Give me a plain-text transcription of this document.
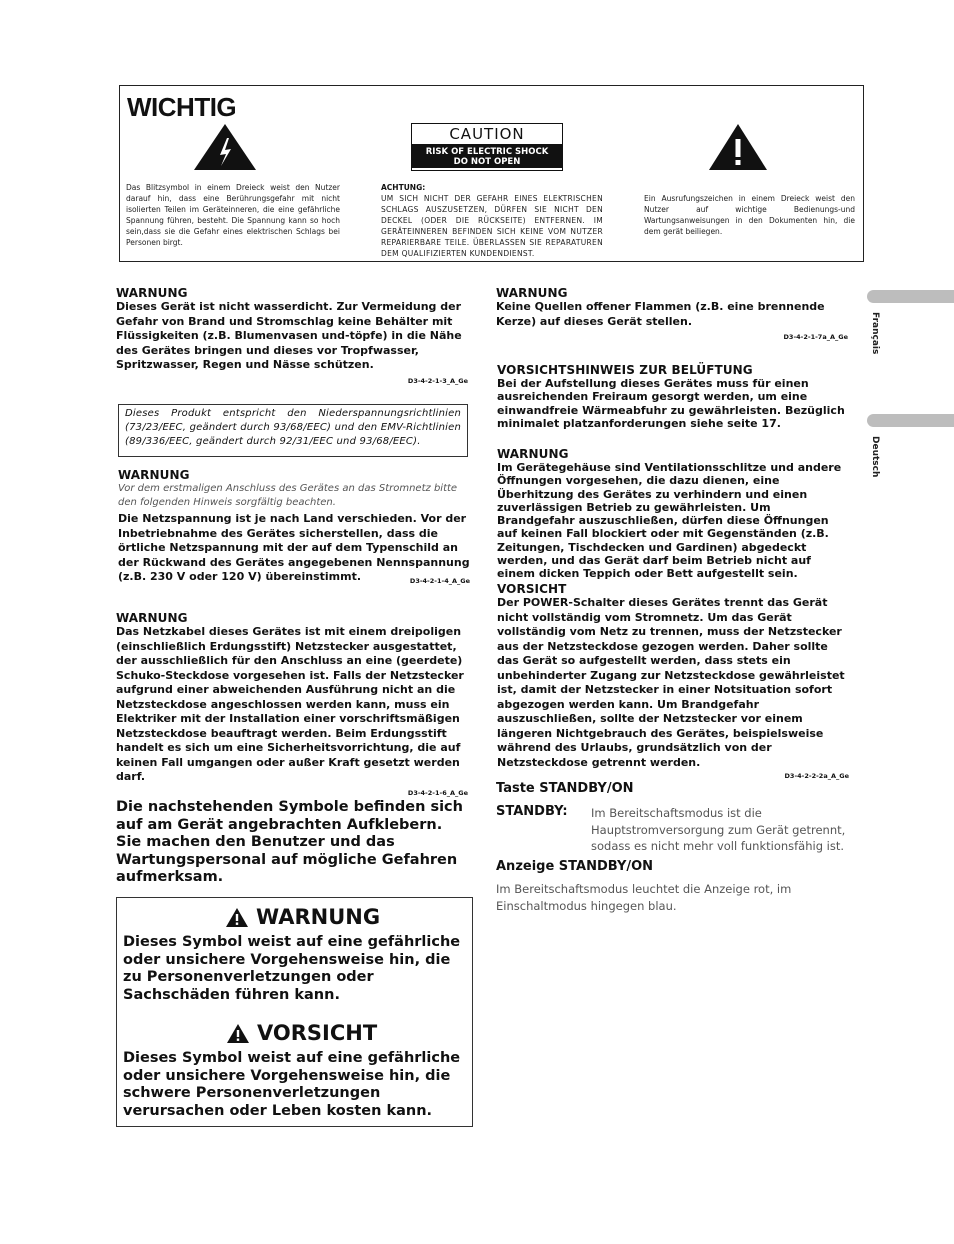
WICHTIG
CAUTION
RISK OF ELECTRIC SHOCK
DO NOT OPEN
Das Blitzsymbol in einem Dreieck weist den Nutzer darauf hin, dass eine Berührungsgefahr mit nicht isolierten Teilen im Geräteinneren, die eine gefährliche Spannung führen, besteht. Die Spannung kann so hoch sein,dass sie die Gefahr eines elektrischen Schlags bei Personen birgt.
ACHTUNG:
UM SICH NICHT DER GEFAHR EINES ELEKTRISCHEN SCHLAGS AUSZUSETZEN, DÜRFEN SIE NICHT DEN DECKEL (ODER DIE RÜCKSEITE) ENTFERNEN. IM GERÄTEINNEREN BEFINDEN SICH KEINE VOM NUTZER REPARIERBARE TEILE. ÜBERLASSEN SIE REPARATUREN DEM QUALIFIZIERTEN KUNDENDIENST.
Ein Ausrufungszeichen in einem Dreieck weist den Nutzer auf wichtige Bedienungs-und Wartungsanweisungen in den Dokumenten hin, die dem gerät beiliegen.
WARNUNG
Dieses Gerät ist nicht wasserdicht. Zur Vermeidung der Gefahr von Brand und Stromschlag keine Behälter mit Flüssigkeiten (z.B. Blumenvasen und-töpfe) in die Nähe des Gerätes bringen und dieses vor Tropfwasser, Spritzwasser, Regen und Nässe schützen.
D3-4-2-1-3_A_Ge
Dieses Produkt entspricht den Niederspannungsrichtlinien (73/23/EEC, geändert durch 93/68/EEC) und den EMV-Richtlinien (89/336/EEC, geändert durch 92/31/EEC und 93/68/EEC).
WARNUNG
Vor dem erstmaligen Anschluss des Gerätes an das Stromnetz bitte den folgenden Hinweis sorgfältig beachten.
Die Netzspannung ist je nach Land verschieden. Vor der Inbetriebnahme des Gerätes sicherstellen, dass die örtliche Netzspannung mit der auf dem Typenschild an der Rückwand des Gerätes angegebenen Nennspannung (z.B. 230 V oder 120 V) übereinstimmt.	D3-4-2-1-4_A_Ge
WARNUNG
Das Netzkabel dieses Gerätes ist mit einem dreipoligen (einschließlich Erdungsstift) Netzstecker ausgestattet, der ausschließlich für den Anschluss an eine (geerdete) Schuko-Steckdose vorgesehen ist. Falls der Netzstecker aufgrund einer abweichenden Ausführung nicht an die Netzsteckdose angeschlossen werden kann, muss ein Elektriker mit der Installation einer vorschriftsmäßigen Netzsteckdose beauftragt werden. Beim Erdungsstift handelt es sich um eine Sicherheitsvorrichtung, die auf keinen Fall umgangen oder außer Kraft gesetzt werden darf.
D3-4-2-1-6_A_Ge
Die nachstehenden Symbole befinden sich auf am Gerät angebrachten Aufklebern. Sie machen den Benutzer und das Wartungspersonal auf mögliche Gefahren aufmerksam.
WARNUNG
Dieses Symbol weist auf eine gefährliche oder unsichere Vorgehensweise hin, die zu Personenverletzungen oder Sachschäden führen kann.
VORSICHT
Dieses Symbol weist auf eine gefährliche oder unsichere Vorgehensweise hin, die schwere Personenverletzungen verursachen oder Leben kosten kann.
WARNUNG
Keine Quellen offener Flammen (z.B. eine brennende Kerze) auf dieses Gerät stellen.
D3-4-2-1-7a_A_Ge
VORSICHTSHINWEIS ZUR BELÜFTUNG
Bei der Aufstellung dieses Gerätes muss für einen ausreichenden Freiraum gesorgt werden, um eine einwandfreie Wärmeabfuhr zu gewährleisten. Bezüglich minimalet platzanforderungen siehe seite 17.
WARNUNG
Im Gerätegehäuse sind Ventilationsschlitze und andere Öffnungen vorgesehen, die dazu dienen, eine Überhitzung des Gerätes zu verhindern und einen zuverlässigen Betrieb zu gewährleisten. Um Brandgefahr auszuschließen, dürfen diese Öffnungen auf keinen Fall blockiert oder mit Gegenständen (z.B. Zeitungen, Tischdecken und Gardinen) abgedeckt werden, und das Gerät darf beim Betrieb nicht auf einem dicken Teppich oder Bett aufgestellt sein.
VORSICHT
Der POWER-Schalter dieses Gerätes trennt das Gerät nicht vollständig vom Stromnetz. Um das Gerät vollständig vom Netz zu trennen, muss der Netzstecker aus der Netzsteckdose gezogen werden. Daher sollte das Gerät so aufgestellt werden, dass stets ein unbehinderter Zugang zur Netzsteckdose gewährleistet ist, damit der Netzstecker in einer Notsituation sofort abgezogen werden kann. Um Brandgefahr auszuschließen, sollte der Netzstecker vor einem längeren Nichtgebrauch des Gerätes, beispielsweise während des Urlaubs, grundsätzlich von der Netzsteckdose getrennt werden.
D3-4-2-2-2a_A_Ge
Taste STANDBY/ON
STANDBY: Im Bereitschaftsmodus ist die Hauptstromversorgung zum Gerät getrennt, sodass es nicht mehr voll funktionsfähig ist.
Anzeige STANDBY/ON
Im Bereitschaftsmodus leuchtet die Anzeige rot, im Einschaltmodus hingegen blau.
Français
Deutsch
